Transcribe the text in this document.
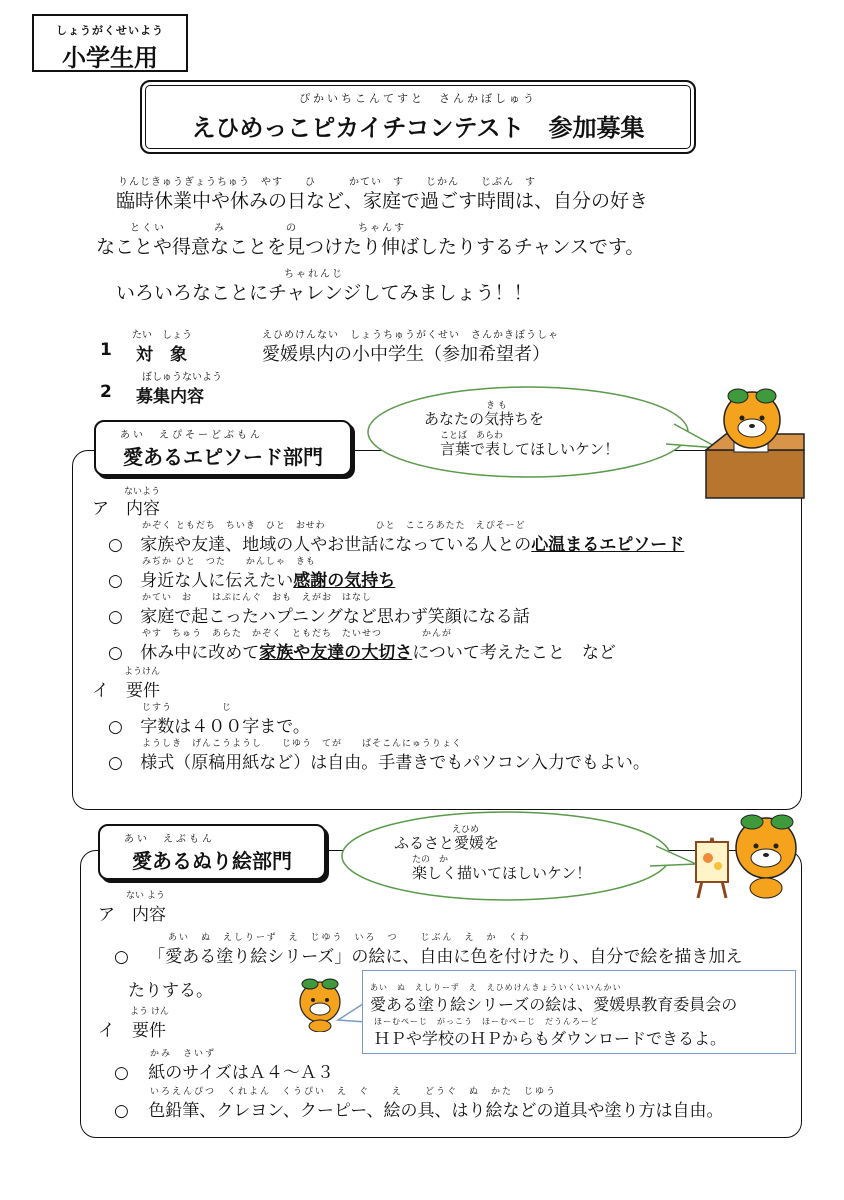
しょうがくせいよう
小学生用
ぴかいちこんてすと　さんかぼしゅう
えひめっこピカイチコンテスト　参加募集
りんじきゅうぎょうちゅう　やす　　ひ　　　かてい　す　　じかん　　じぶん　す
臨時休業中や休みの日など、家庭で過ごす時間は、自分の好き
とくい　　　　み　　　　　の　　　　　ちゃんす
なことや得意なことを見つけたり伸ばしたりするチャンスです。
ちゃれんじ
いろいろなことにチャレンジしてみましょう！！
たい　しょう	えひめけんない　しょうちゅうがくせい　さんかきぼうしゃ
1 対　象	愛媛県内の小中学生（参加希望者）
ぼしゅうないよう
2 募集内容
あい　えぴそーどぶもん
愛あるエピソード部門
き も
あなたの気持ちを
ことば　あらわ
言葉で表してほしいケン！
ないよう
ア　内容
かぞく ともだち　ちいき　ひと　おせわ　　　　　ひと　こころあたた　えぴそーど
○ 家族や友達、地域の人やお世話になっている人との心温まるエピソード
みぢか ひと　つた　　かんしゃ　きも
○ 身近な人に伝えたい感謝の気持ち
かてい　お　　はぷにんぐ　おも　えがお　はなし
○ 家庭で起こったハプニングなど思わず笑顔になる話
やす　ちゅう　あらた　かぞく　ともだち　たいせつ　　　　かんが
○ 休み中に改めて家族や友達の大切さについて考えたこと　など
ようけん
イ　要件
じすう　　　　　じ
○ 字数は４００字まで。
ようしき　げんこうようし　　じゆう　てが　　ぱそこんにゅうりょく
○ 様式（原稿用紙など）は自由。手書きでもパソコン入力でもよい。
あい　えぶもん
愛あるぬり絵部門
えひめ
ふるさと愛媛を
たの　か
楽しく描いてほしいケン！
ない よう
ア　内容
あい　ぬ　えしりーず　え　じゆう　いろ　つ　　じぶん　え　か　くわ
○ 「愛ある塗り絵シリーズ」の絵に、自由に色を付けたり、自分で絵を描き加え
たりする。
よう けん
イ　要件
あい　ぬ　えしりーず　え　えひめけんきょういくいいんかい
愛ある塗り絵シリーズの絵は、愛媛県教育委員会の
ほーむぺーじ　がっこう　ほーむぺーじ　だうんろーど
ＨＰや学校のＨＰからもダウンロードできるよ。
かみ　さいず
○ 紙のサイズはＡ４～Ａ３
いろえんぴつ　くれよん　くうぴい　え　ぐ　　え　　どうぐ　ぬ　かた　じゆう
○ 色鉛筆、クレヨン、クーピー、絵の具、はり絵などの道具や塗り方は自由。
